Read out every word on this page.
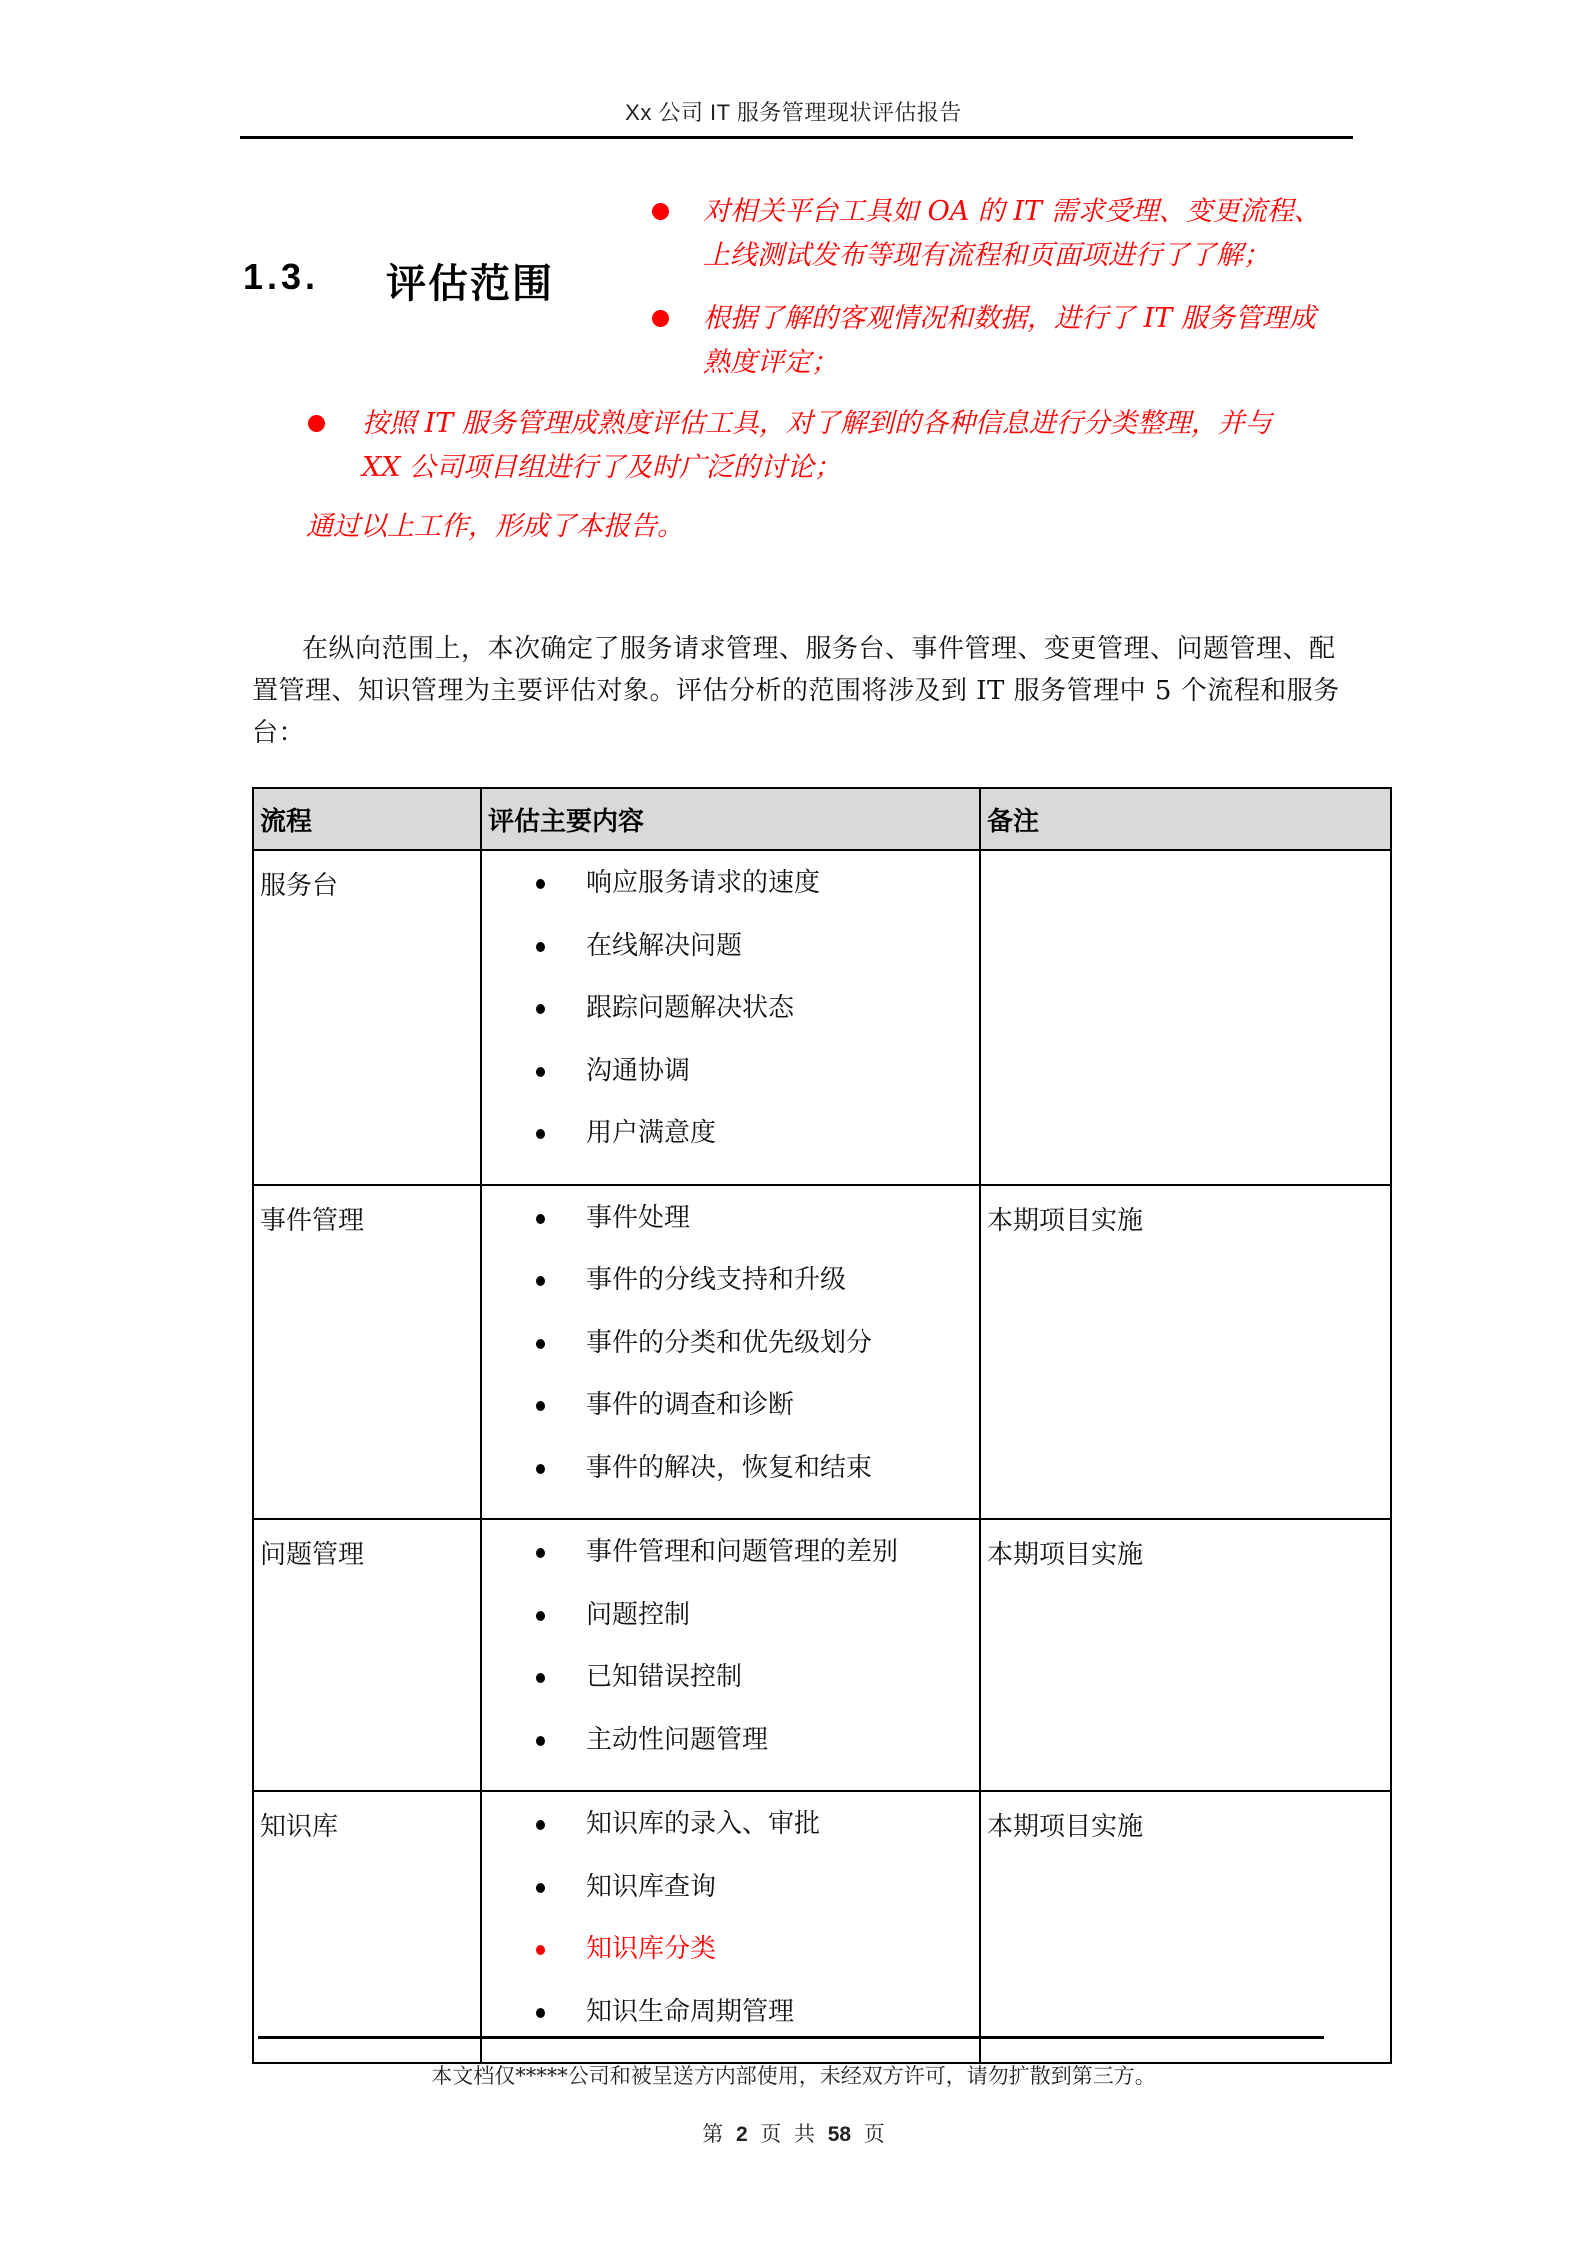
Xx 公司 IT 服务管理现状评估报告
1.3. 评估范围
对相关平台工具如 OA 的 IT 需求受理、变更流程、
上线测试发布等现有流程和页面项进行了了解；
根据了解的客观情况和数据，进行了 IT 服务管理成
熟度评定；
按照 IT 服务管理成熟度评估工具，对了解到的各种信息进行分类整理，并与
XX 公司项目组进行了及时广泛的讨论；
通过以上工作，形成了本报告。
在纵向范围上，本次确定了服务请求管理、服务台、事件管理、变更管理、问题管理、配置管理、知识管理为主要评估对象。评估分析的范围将涉及到 IT 服务管理中 5 个流程和服务台：
流程	评估主要内容	备注
服务台	响应服务请求的速度
在线解决问题
跟踪问题解决状态
沟通协调
用户满意度

事件管理	事件处理
事件的分线支持和升级
事件的分类和优先级划分
事件的调查和诊断
事件的解决，恢复和结束
	本期项目实施
问题管理	事件管理和问题管理的差别
问题控制
已知错误控制
主动性问题管理
	本期项目实施
知识库	知识库的录入、审批
知识库查询
知识库分类
知识生命周期管理
	本期项目实施
本文档仅*****公司和被呈送方内部使用，未经双方许可，请勿扩散到第三方。
第 2 页 共 58 页
